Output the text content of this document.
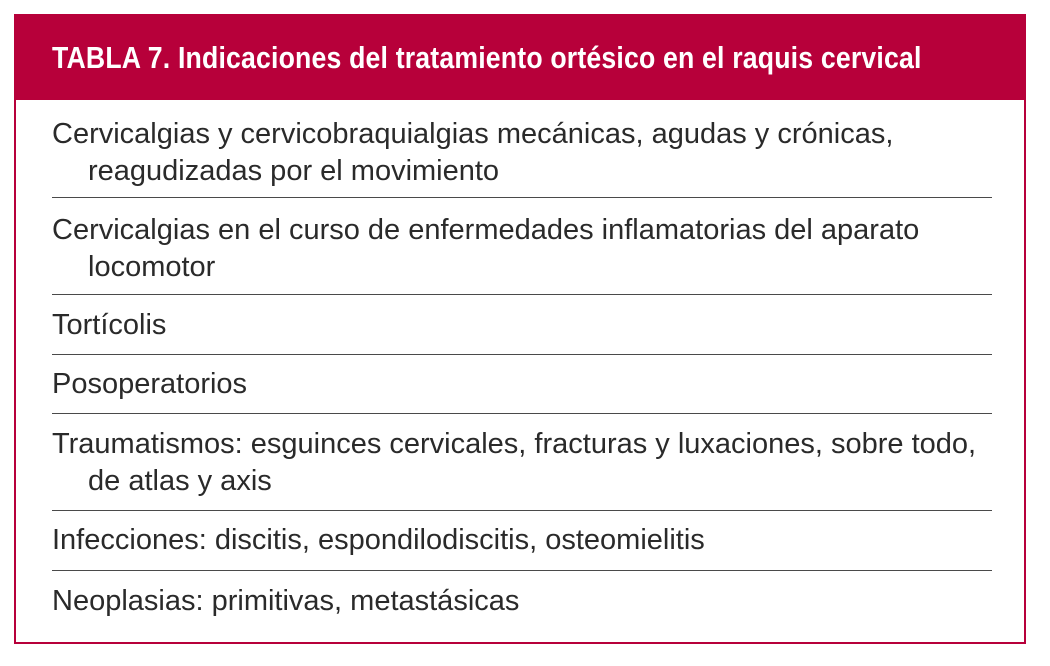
TABLA 7. Indicaciones del tratamiento ortésico en el raquis cervical
Cervicalgias y cervicobraquialgias mecánicas, agudas y crónicas, reagudizadas por el movimiento
Cervicalgias en el curso de enfermedades inflamatorias del aparato locomotor
Tortícolis
Posoperatorios
Traumatismos: esguinces cervicales, fracturas y luxaciones, sobre todo, de atlas y axis
Infecciones: discitis, espondilodiscitis, osteomielitis
Neoplasias: primitivas, metastásicas
